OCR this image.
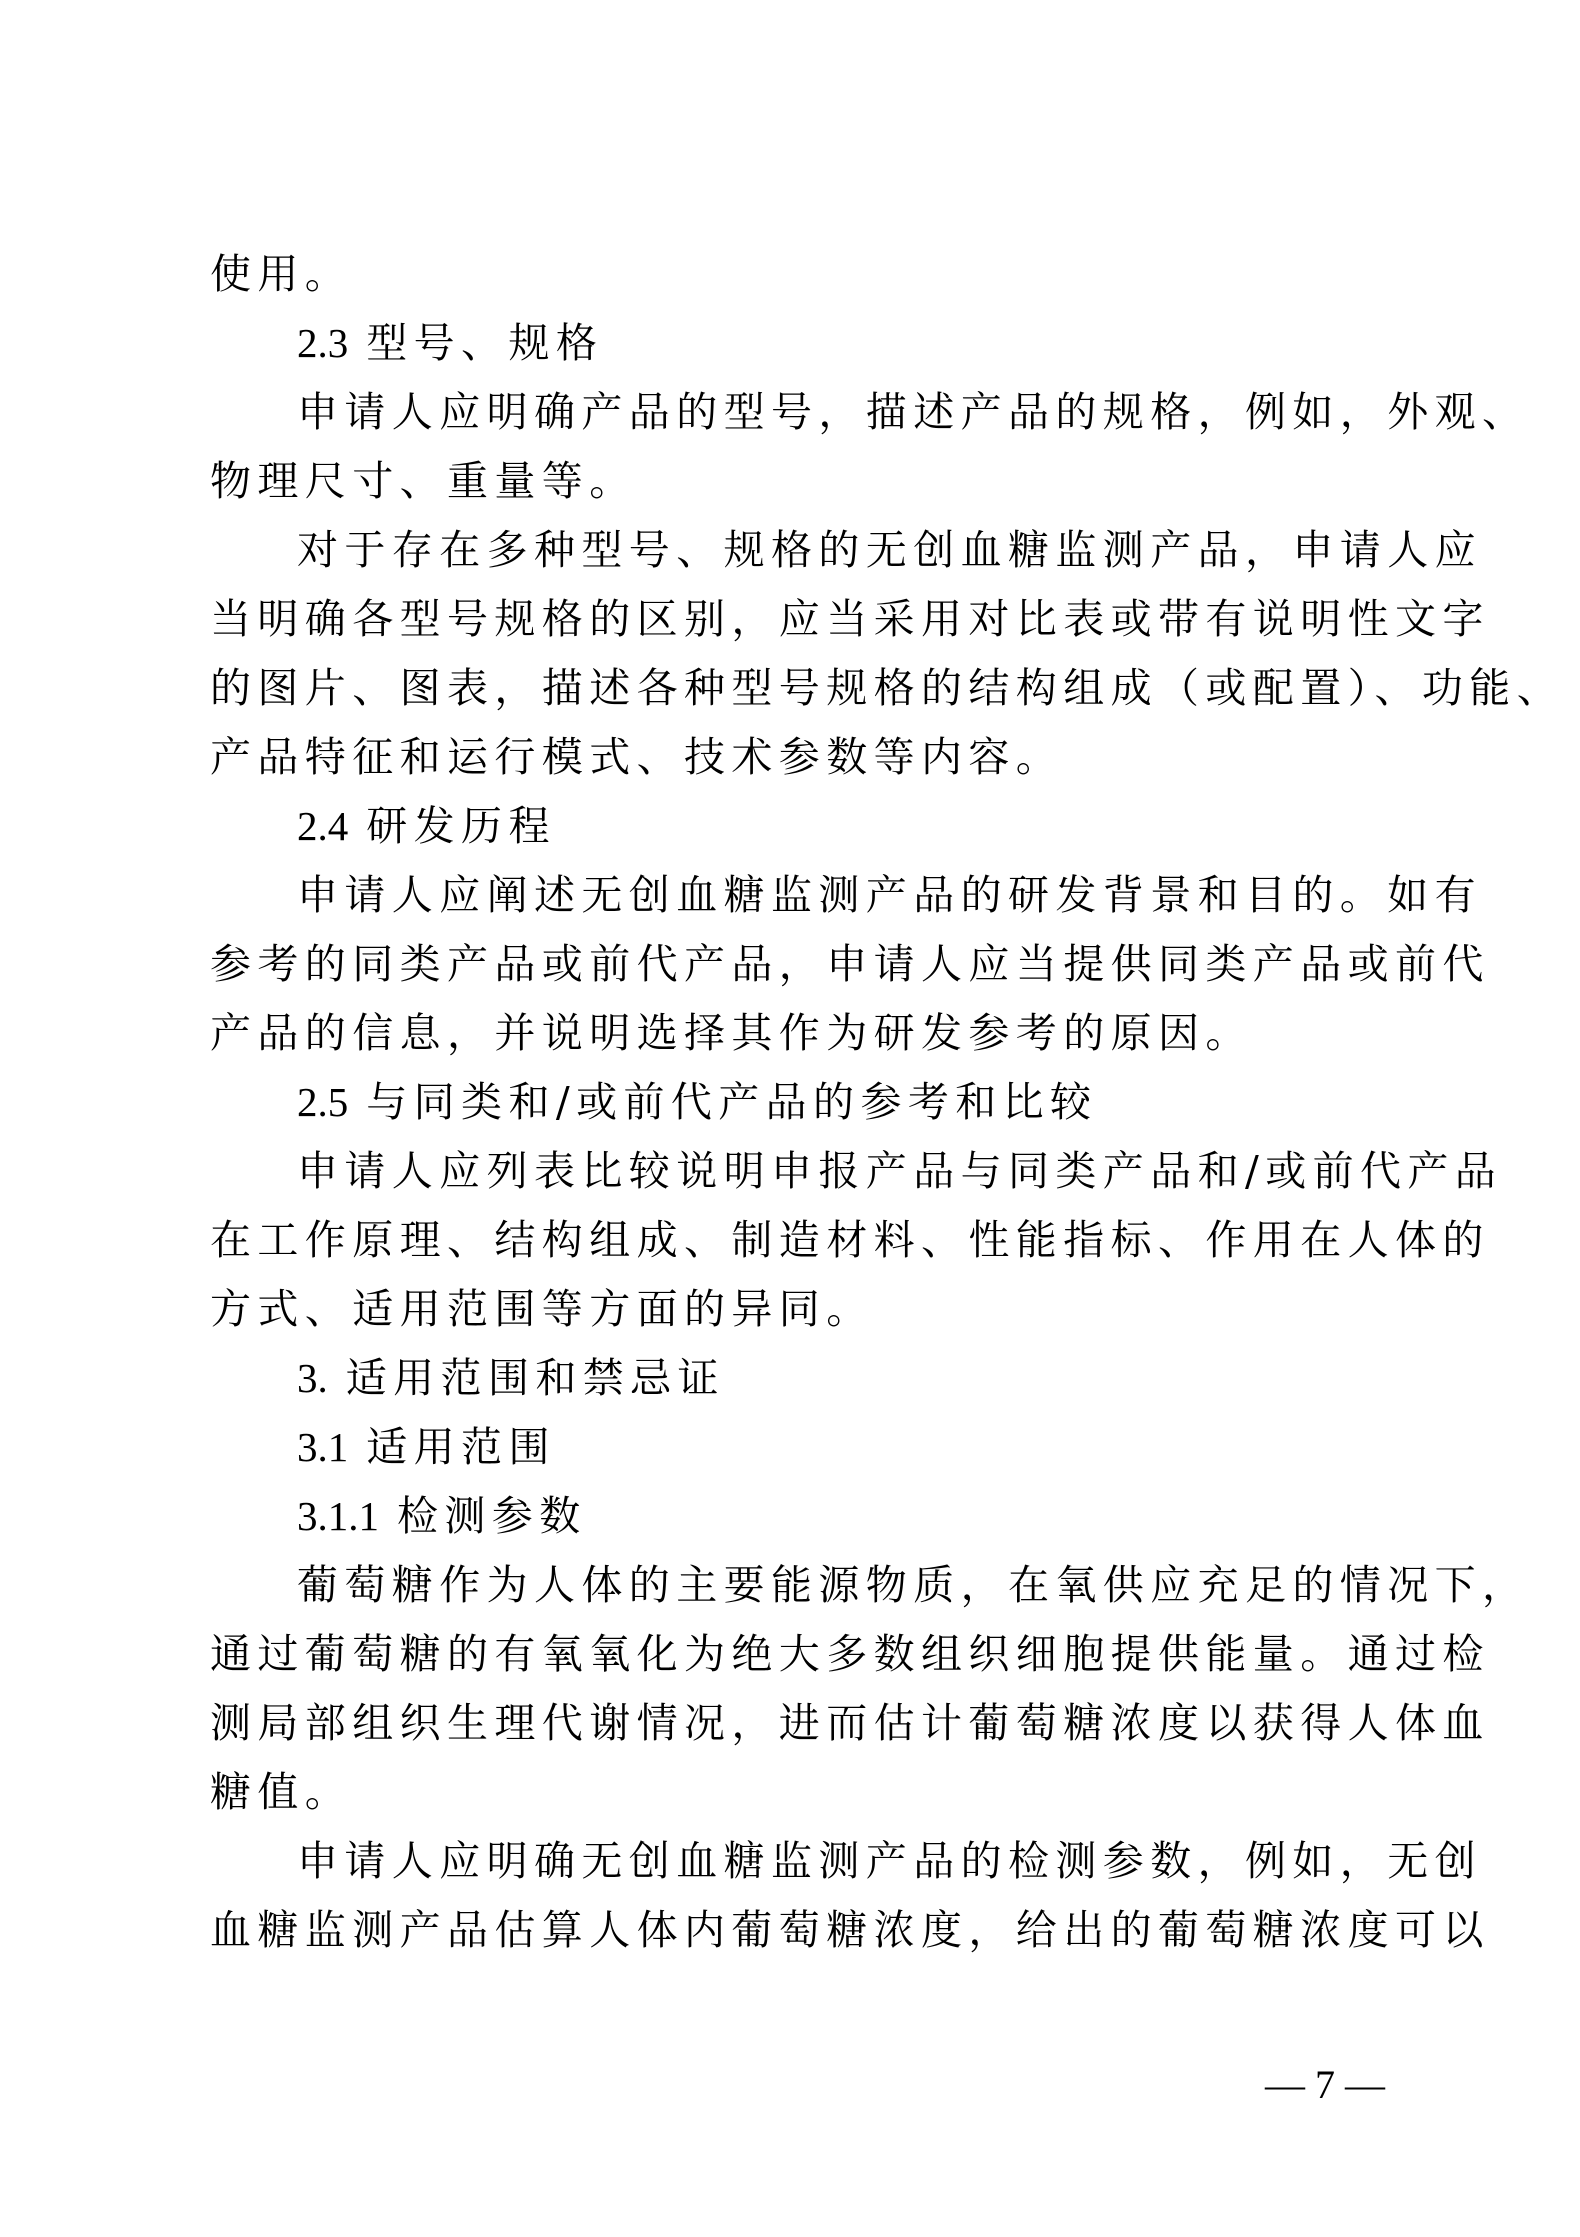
使用。
2.3 型号、规格
申请人应明确产品的型号，描述产品的规格，例如，外观、
物理尺寸、重量等。
对于存在多种型号、规格的无创血糖监测产品，申请人应
当明确各型号规格的区别，应当采用对比表或带有说明性文字
的图片、图表，描述各种型号规格的结构组成（或配置）、功能、
产品特征和运行模式、技术参数等内容。
2.4 研发历程
申请人应阐述无创血糖监测产品的研发背景和目的。如有
参考的同类产品或前代产品，申请人应当提供同类产品或前代
产品的信息，并说明选择其作为研发参考的原因。
2.5 与同类和/或前代产品的参考和比较
申请人应列表比较说明申报产品与同类产品和/或前代产品
在工作原理、结构组成、制造材料、性能指标、作用在人体的
方式、适用范围等方面的异同。
3. 适用范围和禁忌证
3.1 适用范围
3.1.1 检测参数
葡萄糖作为人体的主要能源物质，在氧供应充足的情况下，
通过葡萄糖的有氧氧化为绝大多数组织细胞提供能量。通过检
测局部组织生理代谢情况，进而估计葡萄糖浓度以获得人体血
糖值。
申请人应明确无创血糖监测产品的检测参数，例如，无创
血糖监测产品估算人体内葡萄糖浓度，给出的葡萄糖浓度可以
— 7 —
